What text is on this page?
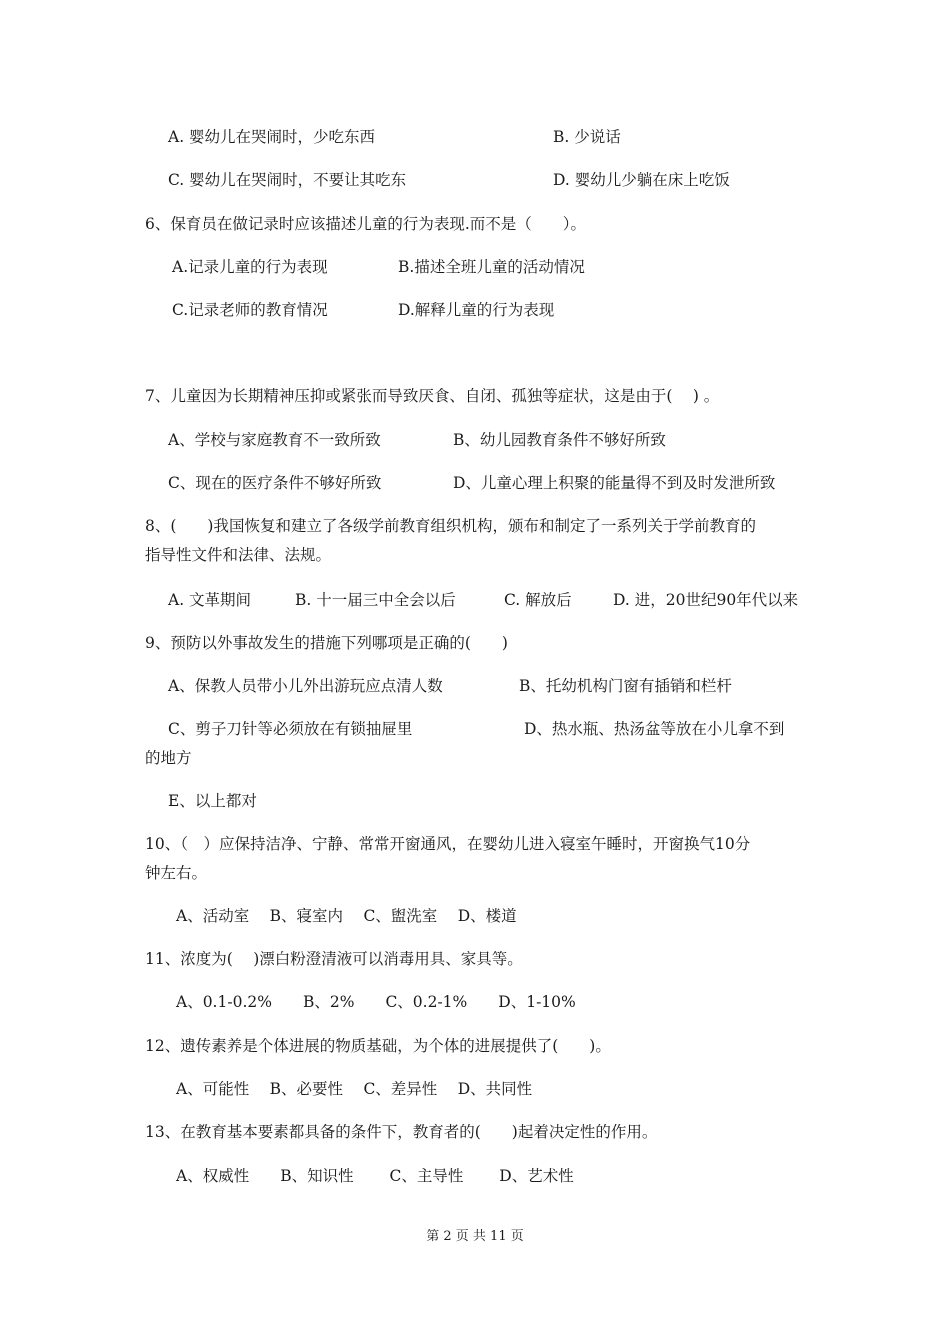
A. 婴幼儿在哭闹时，少吃东西	B. 少说话
C. 婴幼儿在哭闹时，不要让其吃东	D. 婴幼儿少躺在床上吃饭
6、保育员在做记录时应该描述儿童的行为表现.而不是（　　）。
A.记录儿童的行为表现	B.描述全班儿童的活动情况
C.记录老师的教育情况	D.解释儿童的行为表现
7、儿童因为长期精神压抑或紧张而导致厌食、自闭、孤独等症状，这是由于(　 ) 。
A、学校与家庭教育不一致所致	B、幼儿园教育条件不够好所致
C、现在的医疗条件不够好所致	D、儿童心理上积聚的能量得不到及时发泄所致
8、(　　)我国恢复和建立了各级学前教育组织机构，颁布和制定了一系列关于学前教育的
指导性文件和法律、法规。
A. 文革期间	B. 十一届三中全会以后	C. 解放后	D. 进，20世纪90年代以来
9、预防以外事故发生的措施下列哪项是正确的(　　)
A、保教人员带小儿外出游玩应点清人数	B、托幼机构门窗有插销和栏杆
C、剪子刀针等必须放在有锁抽屉里	D、热水瓶、热汤盆等放在小儿拿不到
的地方
E、以上都对
10、（　）应保持洁净、宁静、常常开窗通风，在婴幼儿进入寝室午睡时，开窗换气10分
钟左右。
A、活动室　 B、寝室内　 C、盥洗室　 D、楼道
11、浓度为(　 )漂白粉澄清液可以消毒用具、家具等。
A、0.1-0.2%　　B、2%　　C、0.2-1%　　D、1-10%
12、遗传素养是个体进展的物质基础，为个体的进展提供了(　　)。
A、可能性　 B、必要性　 C、差异性　 D、共同性
13、在教育基本要素都具备的条件下，教育者的(　　)起着决定性的作用。
A、权威性　　B、知识性　　 C、主导性　　 D、艺术性
第 2 页 共 11 页
